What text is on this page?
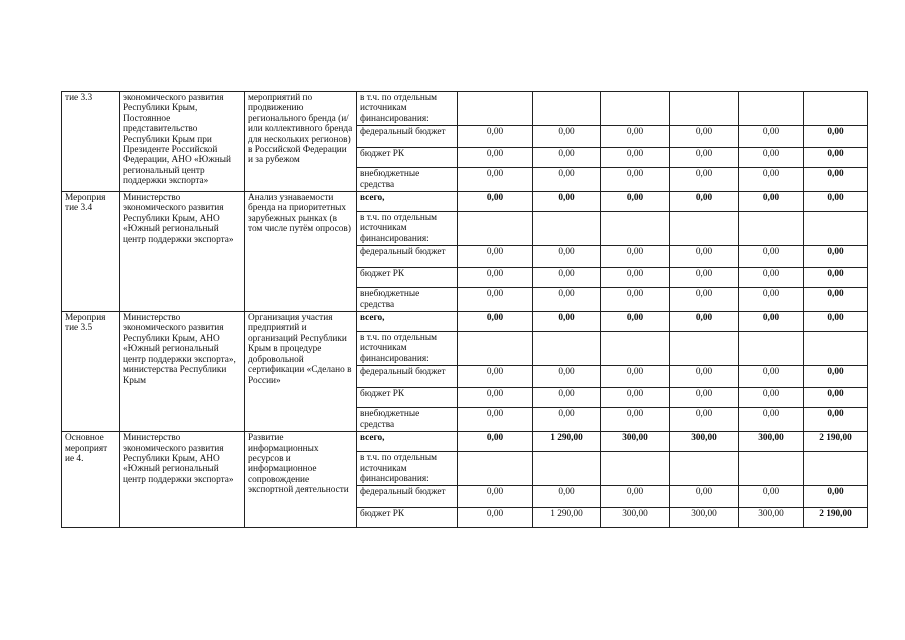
тие 3.3	экономического развития Республики Крым, Постоянное представительство Республики Крым при Президенте Российской Федерации, АНО «Южный региональный центр поддержки экспорта»	мероприятий по продвижению регионального бренда (и/или коллективного бренда для нескольких регионов) в Российской Федерации и за рубежом	в т.ч. по отдельным источникам финансирования:						
			федеральный бюджет	0,00	0,00	0,00	0,00	0,00	0,00
			бюджет РК	0,00	0,00	0,00	0,00	0,00	0,00
			внебюджетные средства	0,00	0,00	0,00	0,00	0,00	0,00
Мероприя тие 3.4	Министерство экономического развития Республики Крым, АНО «Южный региональный центр поддержки экспорта»	Анализ узнаваемости бренда на приоритетных зарубежных рынках (в том числе путём опросов)	всего,	0,00	0,00	0,00	0,00	0,00	0,00
			в т.ч. по отдельным источникам финансирования:						
			федеральный бюджет	0,00	0,00	0,00	0,00	0,00	0,00
			бюджет РК	0,00	0,00	0,00	0,00	0,00	0,00
			внебюджетные средства	0,00	0,00	0,00	0,00	0,00	0,00
Мероприя тие 3.5	Министерство экономического развития Республики Крым, АНО «Южный региональный центр поддержки экспорта», министерства Республики Крым	Организация участия предприятий и организаций Республики Крым в процедуре добровольной сертификации «Сделано в России»	всего,	0,00	0,00	0,00	0,00	0,00	0,00
			в т.ч. по отдельным источникам финансирования:						
			федеральный бюджет	0,00	0,00	0,00	0,00	0,00	0,00
			бюджет РК	0,00	0,00	0,00	0,00	0,00	0,00
			внебюджетные средства	0,00	0,00	0,00	0,00	0,00	0,00
Основное мероприят ие 4.	Министерство экономического развития Республики Крым, АНО «Южный региональный центр поддержки экспорта»	Развитие информационных ресурсов и информационное сопровождение экспортной деятельности	всего,	0,00	1 290,00	300,00	300,00	300,00	2 190,00
			в т.ч. по отдельным источникам финансирования:						
			федеральный бюджет	0,00	0,00	0,00	0,00	0,00	0,00
			бюджет РК	0,00	1 290,00	300,00	300,00	300,00	2 190,00
